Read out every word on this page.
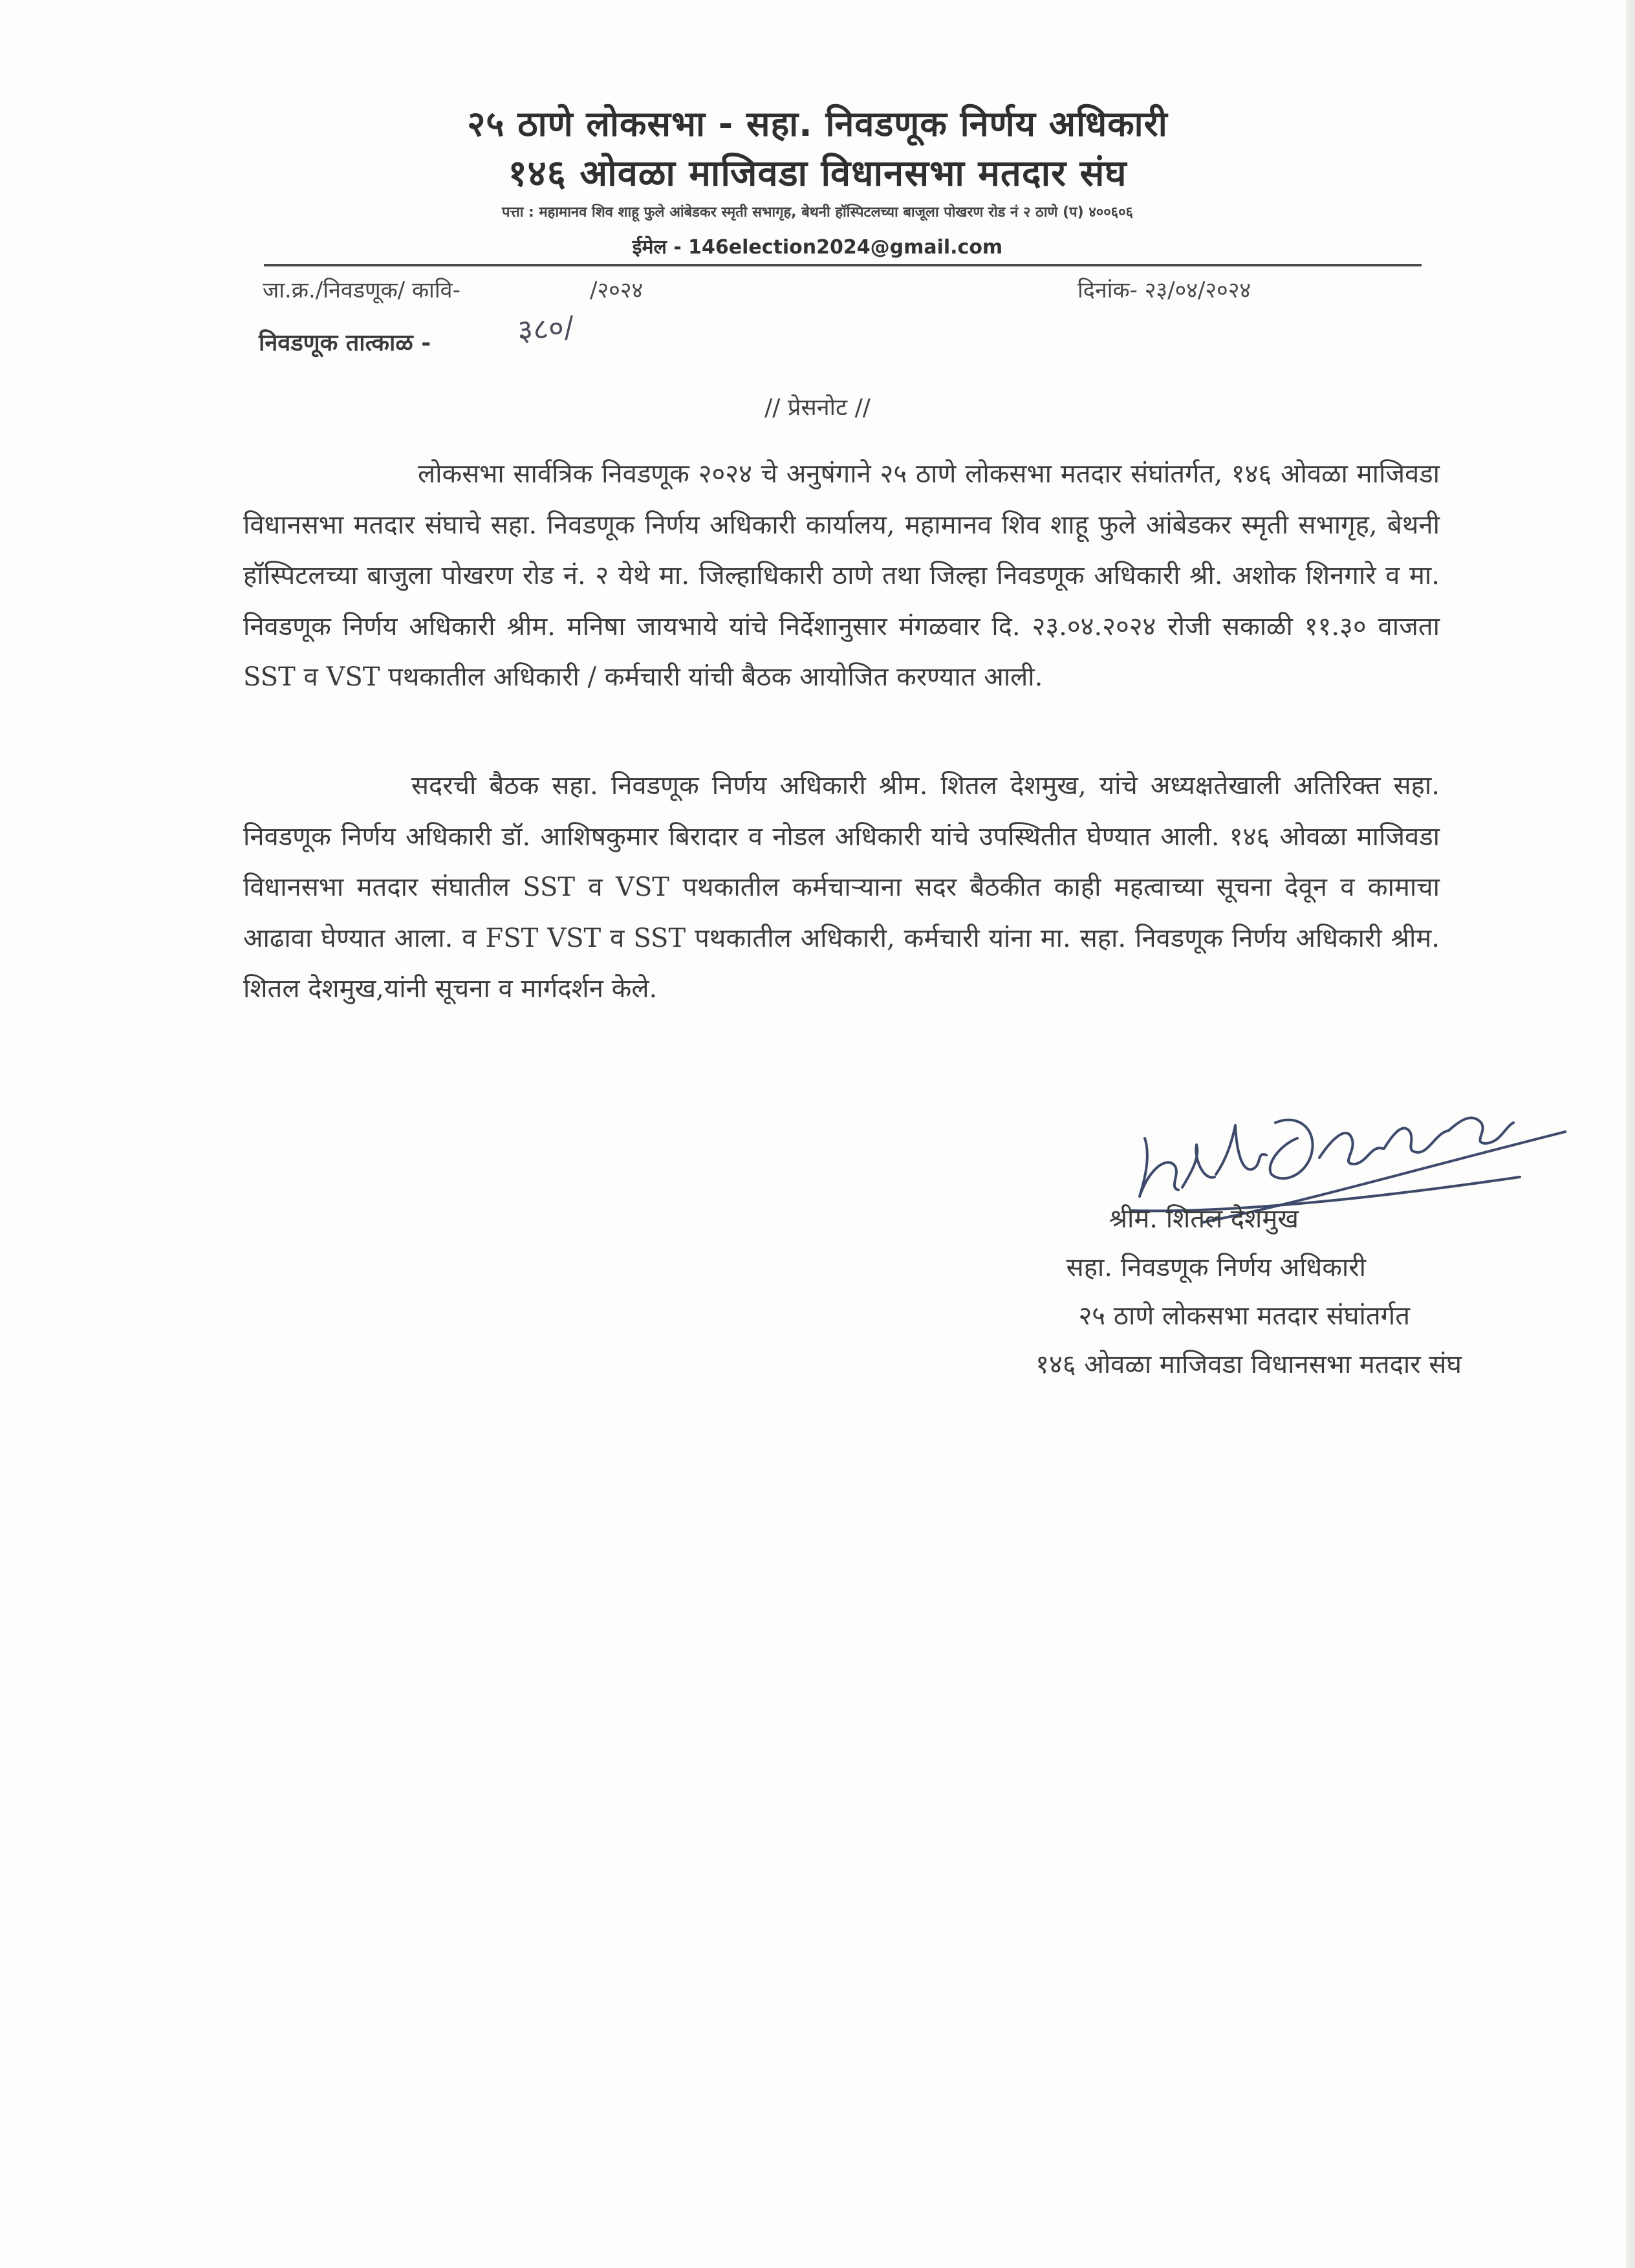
२५ ठाणे लोकसभा - सहा. निवडणूक निर्णय अधिकारी
१४६ ओवळा माजिवडा विधानसभा मतदार संघ
पत्ता : महामानव शिव शाहू फुले आंबेडकर स्मृती सभागृह, बेथनी हॉस्पिटलच्या बाजूला पोखरण रोड नं २ ठाणे (प) ४००६०६
ईमेल - 146election2024@gmail.com
जा.क्र./निवडणूक/ कावि-	/२०२४	दिनांक- २३/०४/२०२४
निवडणूक तात्काळ -	३८०/
// प्रेसनोट //

लोकसभा सार्वत्रिक निवडणूक २०२४ चे अनुषंगाने २५ ठाणे लोकसभा मतदार संघांतर्गत, १४६ ओवळा माजिवडा विधानसभा मतदार संघाचे सहा. निवडणूक निर्णय अधिकारी कार्यालय, महामानव शिव शाहू फुले आंबेडकर स्मृती सभागृह, बेथनी हॉस्पिटलच्या बाजुला पोखरण रोड नं. २ येथे मा. जिल्हाधिकारी ठाणे तथा जिल्हा निवडणूक अधिकारी श्री. अशोक शिनगारे व मा. निवडणूक निर्णय अधिकारी श्रीम. मनिषा जायभाये यांचे निर्देशानुसार मंगळवार दि. २३.०४.२०२४ रोजी सकाळी ११.३० वाजता SST व VST पथकातील अधिकारी / कर्मचारी यांची बैठक आयोजित करण्यात आली.

सदरची बैठक सहा. निवडणूक निर्णय अधिकारी श्रीम. शितल देशमुख, यांचे अध्यक्षतेखाली अतिरिक्त सहा. निवडणूक निर्णय अधिकारी डॉ. आशिषकुमार बिरादार व नोडल अधिकारी यांचे उपस्थितीत घेण्यात आली. १४६ ओवळा माजिवडा विधानसभा मतदार संघातील SST व VST पथकातील कर्मचाऱ्याना सदर बैठकीत काही महत्वाच्या सूचना देवून व कामाचा आढावा घेण्यात आला. व FST VST व SST पथकातील अधिकारी, कर्मचारी यांना मा. सहा. निवडणूक निर्णय अधिकारी श्रीम. शितल देशमुख,यांनी सूचना व मार्गदर्शन केले.

श्रीम. शितल देशमुख
सहा. निवडणूक निर्णय अधिकारी
२५ ठाणे लोकसभा मतदार संघांतर्गत
१४६ ओवळा माजिवडा विधानसभा मतदार संघ
